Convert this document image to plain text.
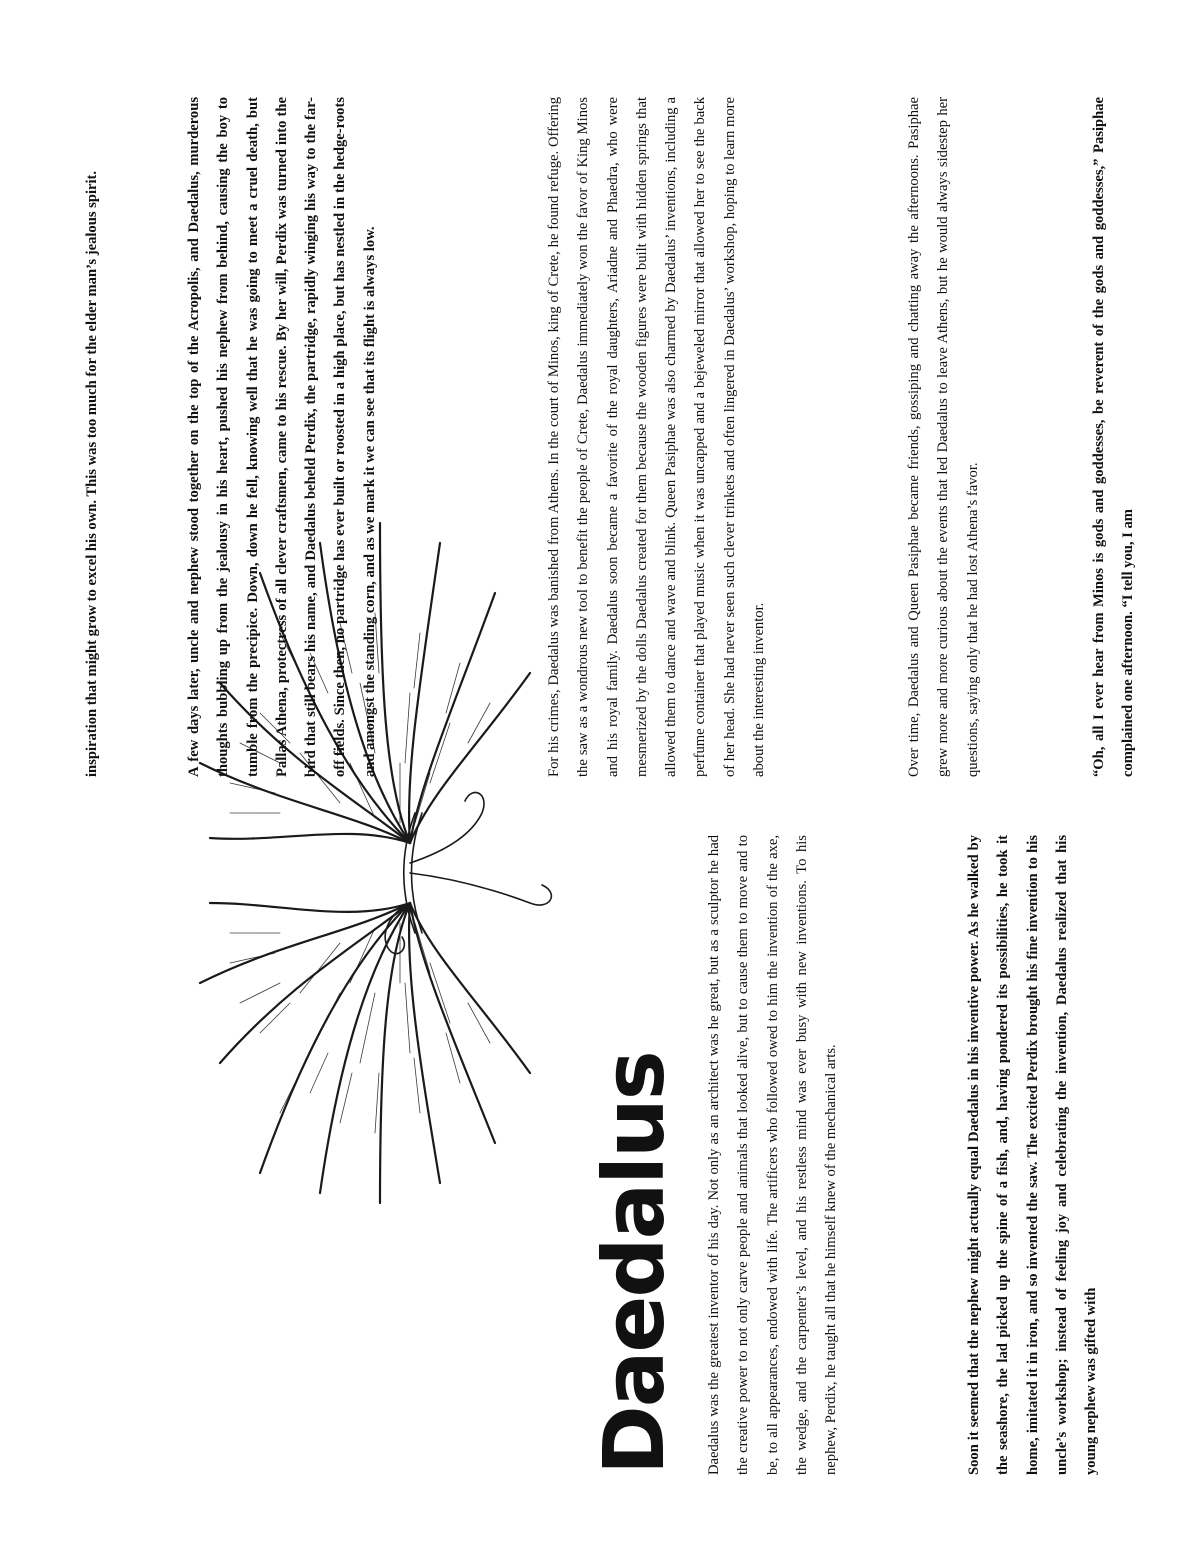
Daedalus	Daedalus was the greatest inventor of his day. Not only as an architect was he great, but as a sculptor he had the creative power to not only carve people and animals that looked alive, but to cause them to move and to be, to all appearances, endowed with life. The artificers who followed owed to him the invention of the axe, the wedge, and the carpenter’s level, and his restless mind was ever busy with new inventions. To his nephew, Perdix, he taught all that he himself knew of the mechanical arts.	Soon it seemed that the nephew might actually equal Daedalus in his inventive power. As he walked by the seashore, the lad picked up the spine of a fish, and, having pondered its possibilities, he took it home, imitated it in iron, and so invented the saw. The excited Perdix brought his fine invention to his uncle’s workshop; instead of feeling joy and celebrating the invention, Daedalus realized that his young nephew was gifted with

inspiration that might grow to excel his own. This was too much for the elder man’s jealous spirit.	A few days later, uncle and nephew stood together on the top of the Acropolis, and Daedalus, murderous thoughts bubbling up from the jealousy in his heart, pushed his nephew from behind, causing the boy to tumble from the precipice. Down, down he fell, knowing well that he was going to meet a cruel death, but Pallas Athena, protectress of all clever craftsmen, came to his rescue. By her will, Perdix was turned into the bird that still bears his name, and Daedalus beheld Perdix, the partridge, rapidly winging his way to the far-off fields. Since then, no partridge has ever built or roosted in a high place, but has nestled in the hedge-roots and amongst the standing corn, and as we mark it we can see that its flight is always low.	For his crimes, Daedalus was banished from Athens. In the court of Minos, king of Crete, he found refuge. Offering the saw as a wondrous new tool to benefit the people of Crete, Daedalus immediately won the favor of King Minos and his royal family. Daedalus soon became a favorite of the royal daughters, Ariadne and Phaedra, who were mesmerized by the dolls Daedalus created for them because the wooden figures were built with hidden springs that allowed them to dance and wave and blink. Queen Pasiphae was also charmed by Daedalus’ inventions, including a perfume container that played music when it was uncapped and a bejeweled mirror that allowed her to see the back of her head. She had never seen such clever trinkets and often lingered in Daedalus’ workshop, hoping to learn more about the interesting inventor.	Over time, Daedalus and Queen Pasiphae became friends, gossiping and chatting away the afternoons. Pasiphae grew more and more curious about the events that led Daedalus to leave Athens, but he would always sidestep her questions, saying only that he had lost Athena’s favor.	“Oh, all I ever hear from Minos is gods and goddesses, be reverent of the gods and goddesses,” Pasiphae complained one afternoon. “I tell you, I am
